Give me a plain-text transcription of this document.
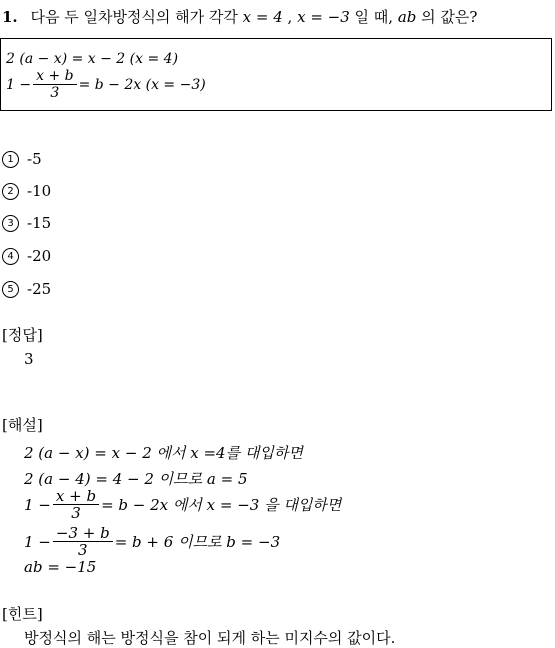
1. 다음 두 일차방정식의 해가 각각 x = 4 , x = −3 일 때, ab 의 값은?
2 (a − x) = x − 2 (x = 4)
$1 - \frac{x + b}{3} = b - 2x$ (x = −3)
1 -5
2 -10
3 -15
4 -20
5 -25
[정답]
3
[해설]
2 (a − x) = x − 2 에서 x =4를 대입하면
2 (a − 4) = 4 − 2 이므로 a = 5
$1 - \frac{x + b}{3} = b - 2x$ 에서 x = −3 을 대입하면
$1 - \frac{-3 + b}{3} = b + 6$ 이므로 b = −3
ab = −15
[힌트]
방정식의 해는 방정식을 참이 되게 하는 미지수의 값이다.
